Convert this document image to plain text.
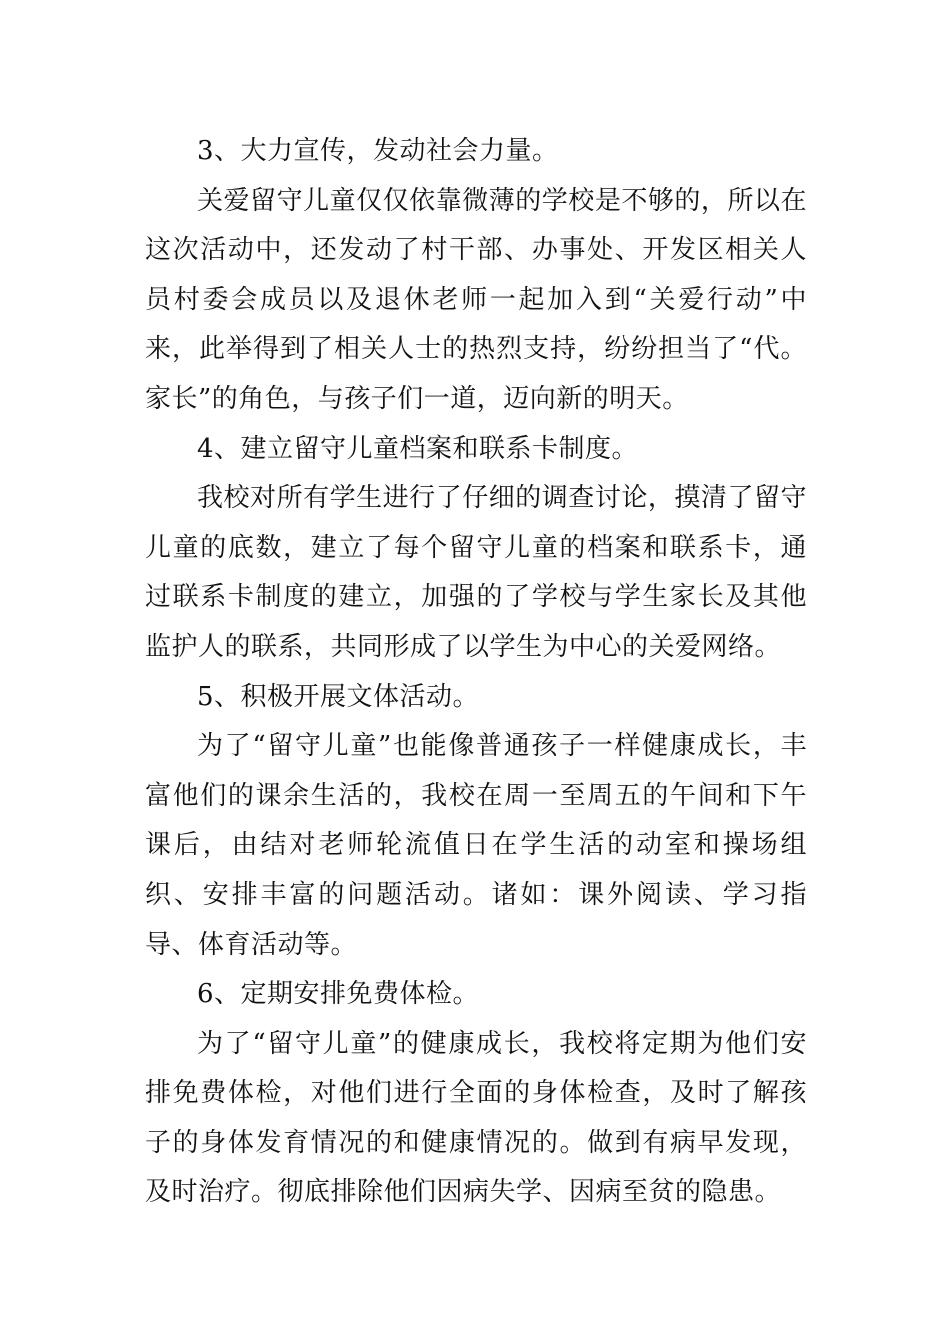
3、大力宣传，发动社会力量。

关爱留守儿童仅仅依靠微薄的学校是不够的，所以在这次活动中，还发动了村干部、办事处、开发区相关人员村委会成员以及退休老师一起加入到“关爱行动”中来，此举得到了相关人士的热烈支持，纷纷担当了“代。家长”的角色，与孩子们一道，迈向新的明天。

4、建立留守儿童档案和联系卡制度。

我校对所有学生进行了仔细的调查讨论，摸清了留守儿童的底数，建立了每个留守儿童的档案和联系卡，通过联系卡制度的建立，加强的了学校与学生家长及其他监护人的联系，共同形成了以学生为中心的关爱网络。

5、积极开展文体活动。

为了“留守儿童”也能像普通孩子一样健康成长，丰富他们的课余生活的，我校在周一至周五的午间和下午课后，由结对老师轮流值日在学生活的动室和操场组织、安排丰富的问题活动。诸如：课外阅读、学习指导、体育活动等。

6、定期安排免费体检。

为了“留守儿童”的健康成长，我校将定期为他们安排免费体检，对他们进行全面的身体检查，及时了解孩子的身体发育情况的和健康情况的。做到有病早发现，及时治疗。彻底排除他们因病失学、因病至贫的隐患。
